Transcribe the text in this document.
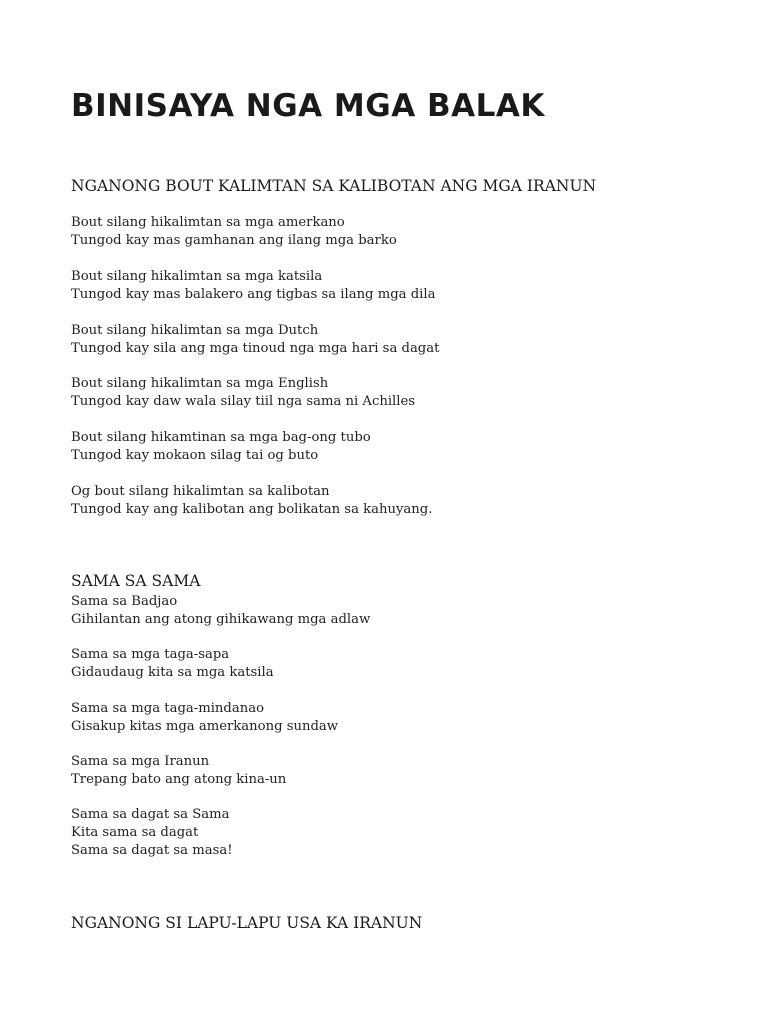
BINISAYA NGA MGA BALAK
NGANONG BOUT KALIMTAN SA KALIBOTAN ANG MGA IRANUN

Bout silang hikalimtan sa mga amerkano
Tungod kay mas gamhanan ang ilang mga barko

Bout silang hikalimtan sa mga katsila
Tungod kay mas balakero ang tigbas sa ilang mga dila

Bout silang hikalimtan sa mga Dutch
Tungod kay sila ang mga tinoud nga mga hari sa dagat

Bout silang hikalimtan sa mga English
Tungod kay daw wala silay tiil nga sama ni Achilles

Bout silang hikamtinan sa mga bag-ong tubo
Tungod kay mokaon silag tai og buto

Og bout silang hikalimtan sa kalibotan
Tungod kay ang kalibotan ang bolikatan sa kahuyang.

SAMA SA SAMA

Sama sa Badjao
Gihilantan ang atong gihikawang mga adlaw

Sama sa mga taga-sapa
Gidaudaug kita sa mga katsila

Sama sa mga taga-mindanao
Gisakup kitas mga amerkanong sundaw

Sama sa mga Iranun
Trepang bato ang atong kina-un

Sama sa dagat sa Sama
Kita sama sa dagat
Sama sa dagat sa masa!

NGANONG SI LAPU-LAPU USA KA IRANUN
